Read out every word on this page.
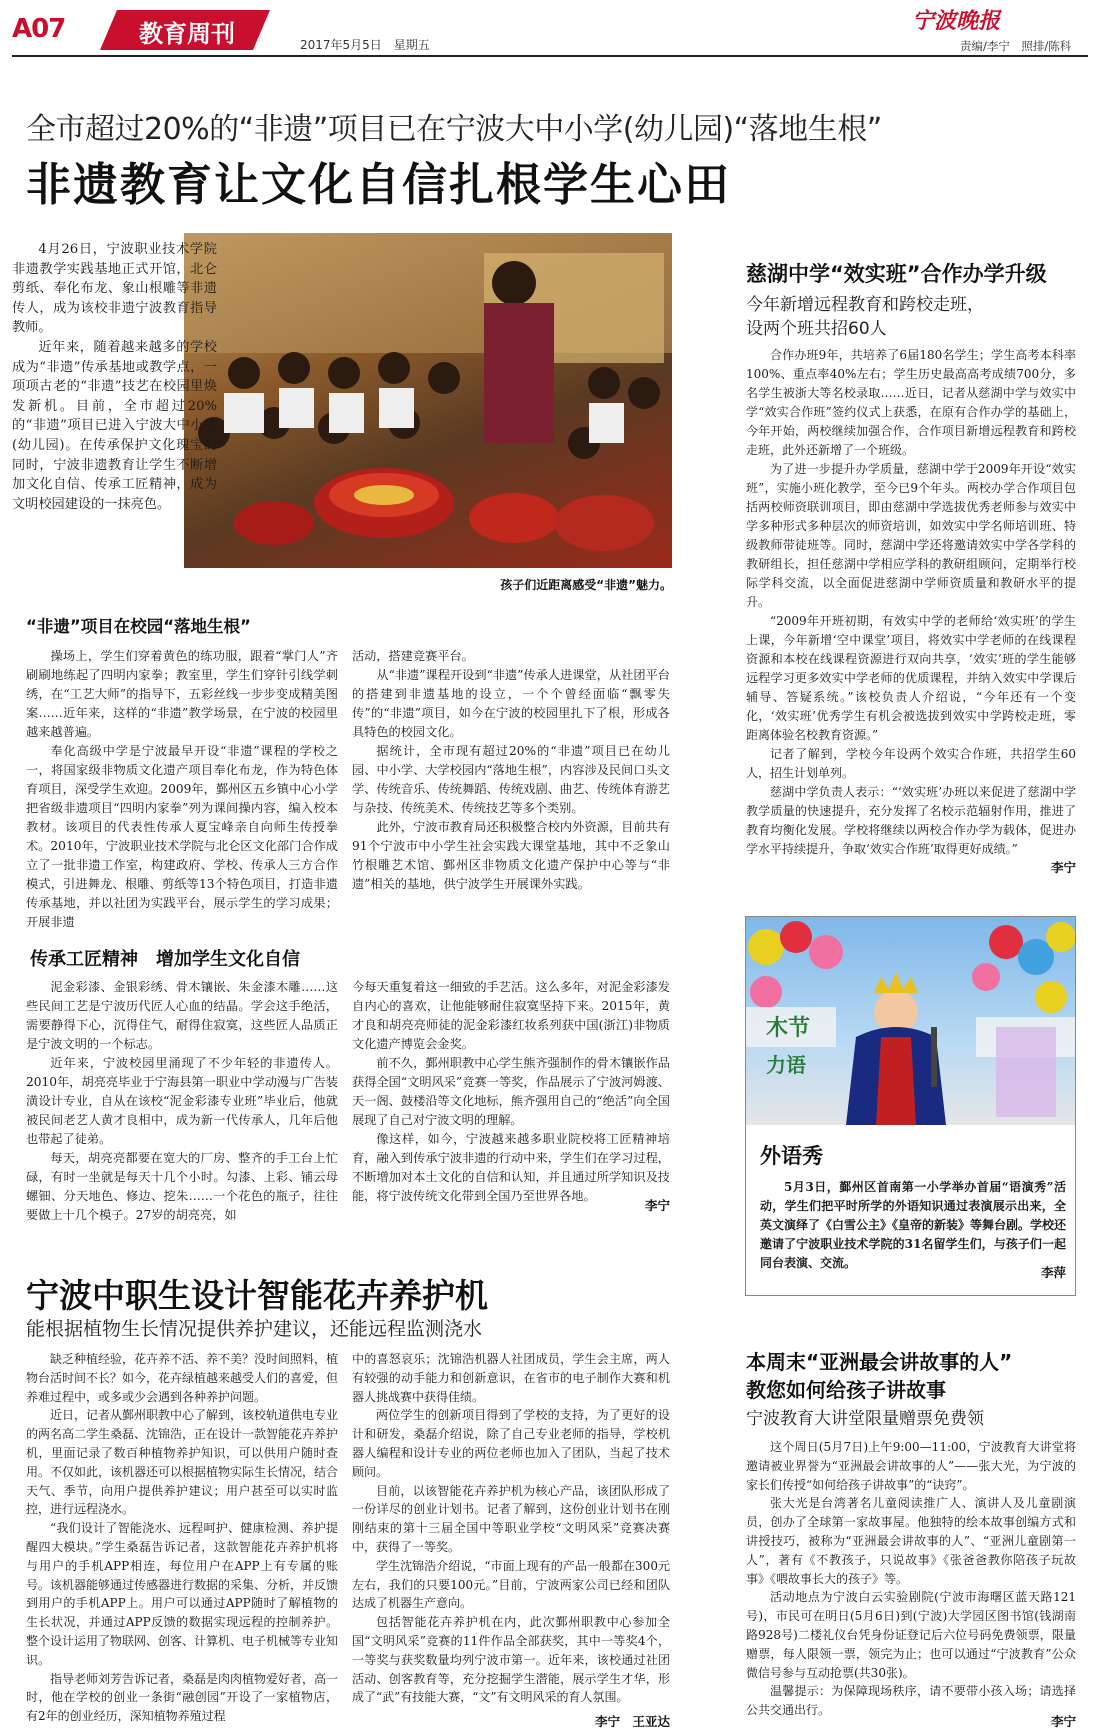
A07	教育周刊	2017年5月5日　星期五
宁波晚报
责编/李宁　照排/陈科
全市超过20%的“非遗”项目已在宁波大中小学(幼儿园)“落地生根”
非遗教育让文化自信扎根学生心田
孩子们近距离感受“非遗”魅力。

4月26日，宁波职业技术学院非遗教学实践基地正式开馆，北仑剪纸、奉化布龙、象山根雕等非遗传人，成为该校非遗宁波教育指导教师。

近年来，随着越来越多的学校成为“非遗”传承基地或教学点，一项项古老的“非遗”技艺在校园里焕发新机。目前，全市超过20%的“非遗”项目已进入宁波大中小学(幼儿园)。在传承保护文化瑰宝的同时，宁波非遗教育让学生不断增加文化自信、传承工匠精神，成为文明校园建设的一抹亮色。

“非遗”项目在校园“落地生根”

操场上，学生们穿着黄色的练功服，跟着“掌门人”齐刷刷地练起了四明内家拳；教室里，学生们穿针引线学刺绣，在“工艺大师”的指导下，五彩丝线一步步变成精美图案……近年来，这样的“非遗”教学场景，在宁波的校园里越来越普遍。

奉化高级中学是宁波最早开设“非遗”课程的学校之一，将国家级非物质文化遗产项目奉化布龙，作为特色体育项目，深受学生欢迎。2009年，鄞州区五乡镇中心小学把省级非遗项目“四明内家拳”列为课间操内容，编入校本教材。该项目的代表性传承人夏宝峰亲自向师生传授拳术。2010年，宁波职业技术学院与北仑区文化部门合作成立了一批非遗工作室，构建政府、学校、传承人三方合作模式，引进舞龙、根雕、剪纸等13个特色项目，打造非遗传承基地，并以社团为实践平台，展示学生的学习成果；开展非遗

活动，搭建竞赛平台。

从“非遗”课程开设到“非遗”传承人进课堂，从社团平台的搭建到非遗基地的设立，一个个曾经面临“飘零失传”的“非遗”项目，如今在宁波的校园里扎下了根，形成各具特色的校园文化。

据统计，全市现有超过20%的“非遗”项目已在幼儿园、中小学、大学校园内“落地生根”，内容涉及民间口头文学、传统音乐、传统舞蹈、传统戏剧、曲艺、传统体育游艺与杂技、传统美术、传统技艺等多个类别。

此外，宁波市教育局还积极整合校内外资源，目前共有91个宁波市中小学生社会实践大课堂基地，其中不乏象山竹根雕艺术馆、鄞州区非物质文化遗产保护中心等与“非遗”相关的基地，供宁波学生开展课外实践。

传承工匠精神　增加学生文化自信

泥金彩漆、金银彩绣、骨木镶嵌、朱金漆木雕……这些民间工艺是宁波历代匠人心血的结晶。学会这手绝活，需要静得下心，沉得住气，耐得住寂寞，这些匠人品质正是宁波文明的一个标志。

近年来，宁波校园里涌现了不少年轻的非遗传人。2010年，胡亮亮毕业于宁海县第一职业中学动漫与广告装潢设计专业，自从在该校“泥金彩漆专业班”毕业后，他就被民间老艺人黄才良相中，成为新一代传承人，几年后他也带起了徒弟。

每天，胡亮亮都要在宽大的厂房、整齐的手工台上忙碌，有时一坐就是每天十几个小时。勾漆、上彩、铺云母螺钿、分天地色、修边、挖朱……一个花色的瓶子，往往要做上十几个模子。27岁的胡亮亮，如

今每天重复着这一细致的手艺活。这么多年，对泥金彩漆发自内心的喜欢，让他能够耐住寂寞坚持下来。2015年，黄才良和胡亮亮师徒的泥金彩漆红妆系列获中国(浙江)非物质文化遗产博览会金奖。

前不久，鄞州职教中心学生熊齐强制作的骨木镶嵌作品获得全国“文明风采”竞赛一等奖，作品展示了宁波河姆渡、天一阁、鼓楼沿等文化地标，熊齐强用自己的“绝活”向全国展现了自己对宁波文明的理解。

像这样，如今，宁波越来越多职业院校将工匠精神培育，融入到传承宁波非遗的行动中来，学生们在学习过程，不断增加对本土文化的自信和认知，并且通过所学知识及技能，将宁波传统文化带到全国乃至世界各地。

李宁
慈湖中学“效实班”合作办学升级
今年新增远程教育和跨校走班，
设两个班共招60人

合作办班9年，共培养了6届180名学生；学生高考本科率100%、重点率40%左右；学生历史最高高考成绩700分，多名学生被浙大等名校录取……近日，记者从慈湖中学与效实中学“效实合作班”签约仪式上获悉，在原有合作办学的基础上，今年开始，两校继续加强合作，合作项目新增远程教育和跨校走班，此外还新增了一个班级。

为了进一步提升办学质量，慈湖中学于2009年开设“效实班”，实施小班化教学，至今已9个年头。两校办学合作项目包括两校师资联训项目，即由慈湖中学选拔优秀老师参与效实中学多种形式多种层次的师资培训，如效实中学名师培训班、特级教师带徒班等。同时，慈湖中学还将邀请效实中学各学科的教研组长，担任慈湖中学相应学科的教研组顾问，定期举行校际学科交流，以全面促进慈湖中学师资质量和教研水平的提升。

“2009年开班初期，有效实中学的老师给‘效实班’的学生上课，今年新增‘空中课堂’项目，将效实中学老师的在线课程资源和本校在线课程资源进行双向共享，‘效实’班的学生能够远程学习更多效实中学老师的优质课程，并纳入效实中学课后辅导、答疑系统。”该校负责人介绍说，“今年还有一个变化，‘效实班’优秀学生有机会被选拔到效实中学跨校走班，零距离体验名校教育资源。”

记者了解到，学校今年设两个效实合作班，共招学生60人，招生计划单列。

慈湖中学负责人表示：“‘效实班’办班以来促进了慈湖中学教学质量的快速提升，充分发挥了名校示范辐射作用，推进了教育均衡化发展。学校将继续以两校合作办学为载体，促进办学水平持续提升，争取‘效实合作班’取得更好成绩。”

李宁
木节
力语
外语秀

5月3日，鄞州区首南第一小学举办首届“语演秀”活动，学生们把平时所学的外语知识通过表演展示出来，全英文演绎了《白雪公主》《皇帝的新装》等舞台剧。学校还邀请了宁波职业技术学院的31名留学生们，与孩子们一起同台表演、交流。

李萍
宁波中职生设计智能花卉养护机
能根据植物生长情况提供养护建议，还能远程监测浇水

缺乏种植经验，花卉养不活、养不美？没时间照料，植物台活时间不长？如今，花卉绿植越来越受人们的喜爱，但养难过程中，或多或少会遇到各种养护问题。

近日，记者从鄞州职教中心了解到，该校轨道供电专业的两名高二学生桑磊、沈锦浩，正在设计一款智能花卉养护机，里面记录了数百种植物养护知识，可以供用户随时查用。不仅如此，该机器还可以根据植物实际生长情况，结合天气、季节，向用户提供养护建议；用户甚至可以实时监控，进行远程浇水。

“我们设计了智能浇水、远程呵护、健康检测、养护提醒四大模块。”学生桑磊告诉记者，这款智能花卉养护机将与用户的手机APP相连，每位用户在APP上有专属的账号。该机器能够通过传感器进行数据的采集、分析，并反馈到用户的手机APP上。用户可以通过APP随时了解植物的生长状况，并通过APP反馈的数据实现远程的控制养护。整个设计运用了物联网、创客、计算机、电子机械等专业知识。

指导老师刘芳告诉记者，桑磊是肉肉植物爱好者，高一时，他在学校的创业一条街“融创园”开设了一家植物店，有2年的创业经历，深知植物养殖过程

中的喜怒哀乐；沈锦浩机器人社团成员，学生会主席，两人有较强的动手能力和创新意识，在省市的电子制作大赛和机器人挑战赛中获得佳绩。

两位学生的创新项目得到了学校的支持，为了更好的设计和研发，桑磊介绍说，除了自己专业老师的指导，学校机器人编程和设计专业的两位老师也加入了团队，当起了技术顾问。

目前，以该智能花卉养护机为核心产品，该团队形成了一份详尽的创业计划书。记者了解到，这份创业计划书在刚刚结束的第十三届全国中等职业学校“文明风采”竞赛决赛中，获得了一等奖。

学生沈锦浩介绍说，“市面上现有的产品一般都在300元左右，我们的只要100元。”目前，宁波两家公司已经和团队达成了机器生产意向。

包括智能花卉养护机在内，此次鄞州职教中心参加全国“文明风采”竞赛的11件作品全部获奖，其中一等奖4个，一等奖与获奖数量均列宁波市第一。近年来，该校通过社团活动、创客教育等，充分挖掘学生潜能，展示学生才华，形成了“武”有技能大赛，“文”有文明风采的育人氛围。

李宁　王亚达
本周末“亚洲最会讲故事的人”
教您如何给孩子讲故事
宁波教育大讲堂限量赠票免费领

这个周日(5月7日)上午9:00—11:00，宁波教育大讲堂将邀请被业界誉为“亚洲最会讲故事的人”——张大光，为宁波的家长们传授“如何给孩子讲故事”的“诀窍”。

张大光是台湾著名儿童阅读推广人、演讲人及儿童剧演员，创办了全球第一家故事屋。他独特的绘本故事创编方式和讲授技巧，被称为“亚洲最会讲故事的人”、“亚洲儿童剧第一人”，著有《不教孩子，只说故事》《张爸爸教你陪孩子玩故事》《喂故事长大的孩子》等。

活动地点为宁波白云实验剧院(宁波市海曙区蓝天路121号)，市民可在明日(5月6日)到(宁波)大学园区图书馆(钱湖南路928号)二楼礼仪台凭身份证登记后六位号码免费领票，限量赠票，每人限领一票，领完为止；也可以通过“宁波教育”公众微信号参与互动抢票(共30张)。

温馨提示：为保障现场秩序，请不要带小孩入场；请选择公共交通出行。

李宁
